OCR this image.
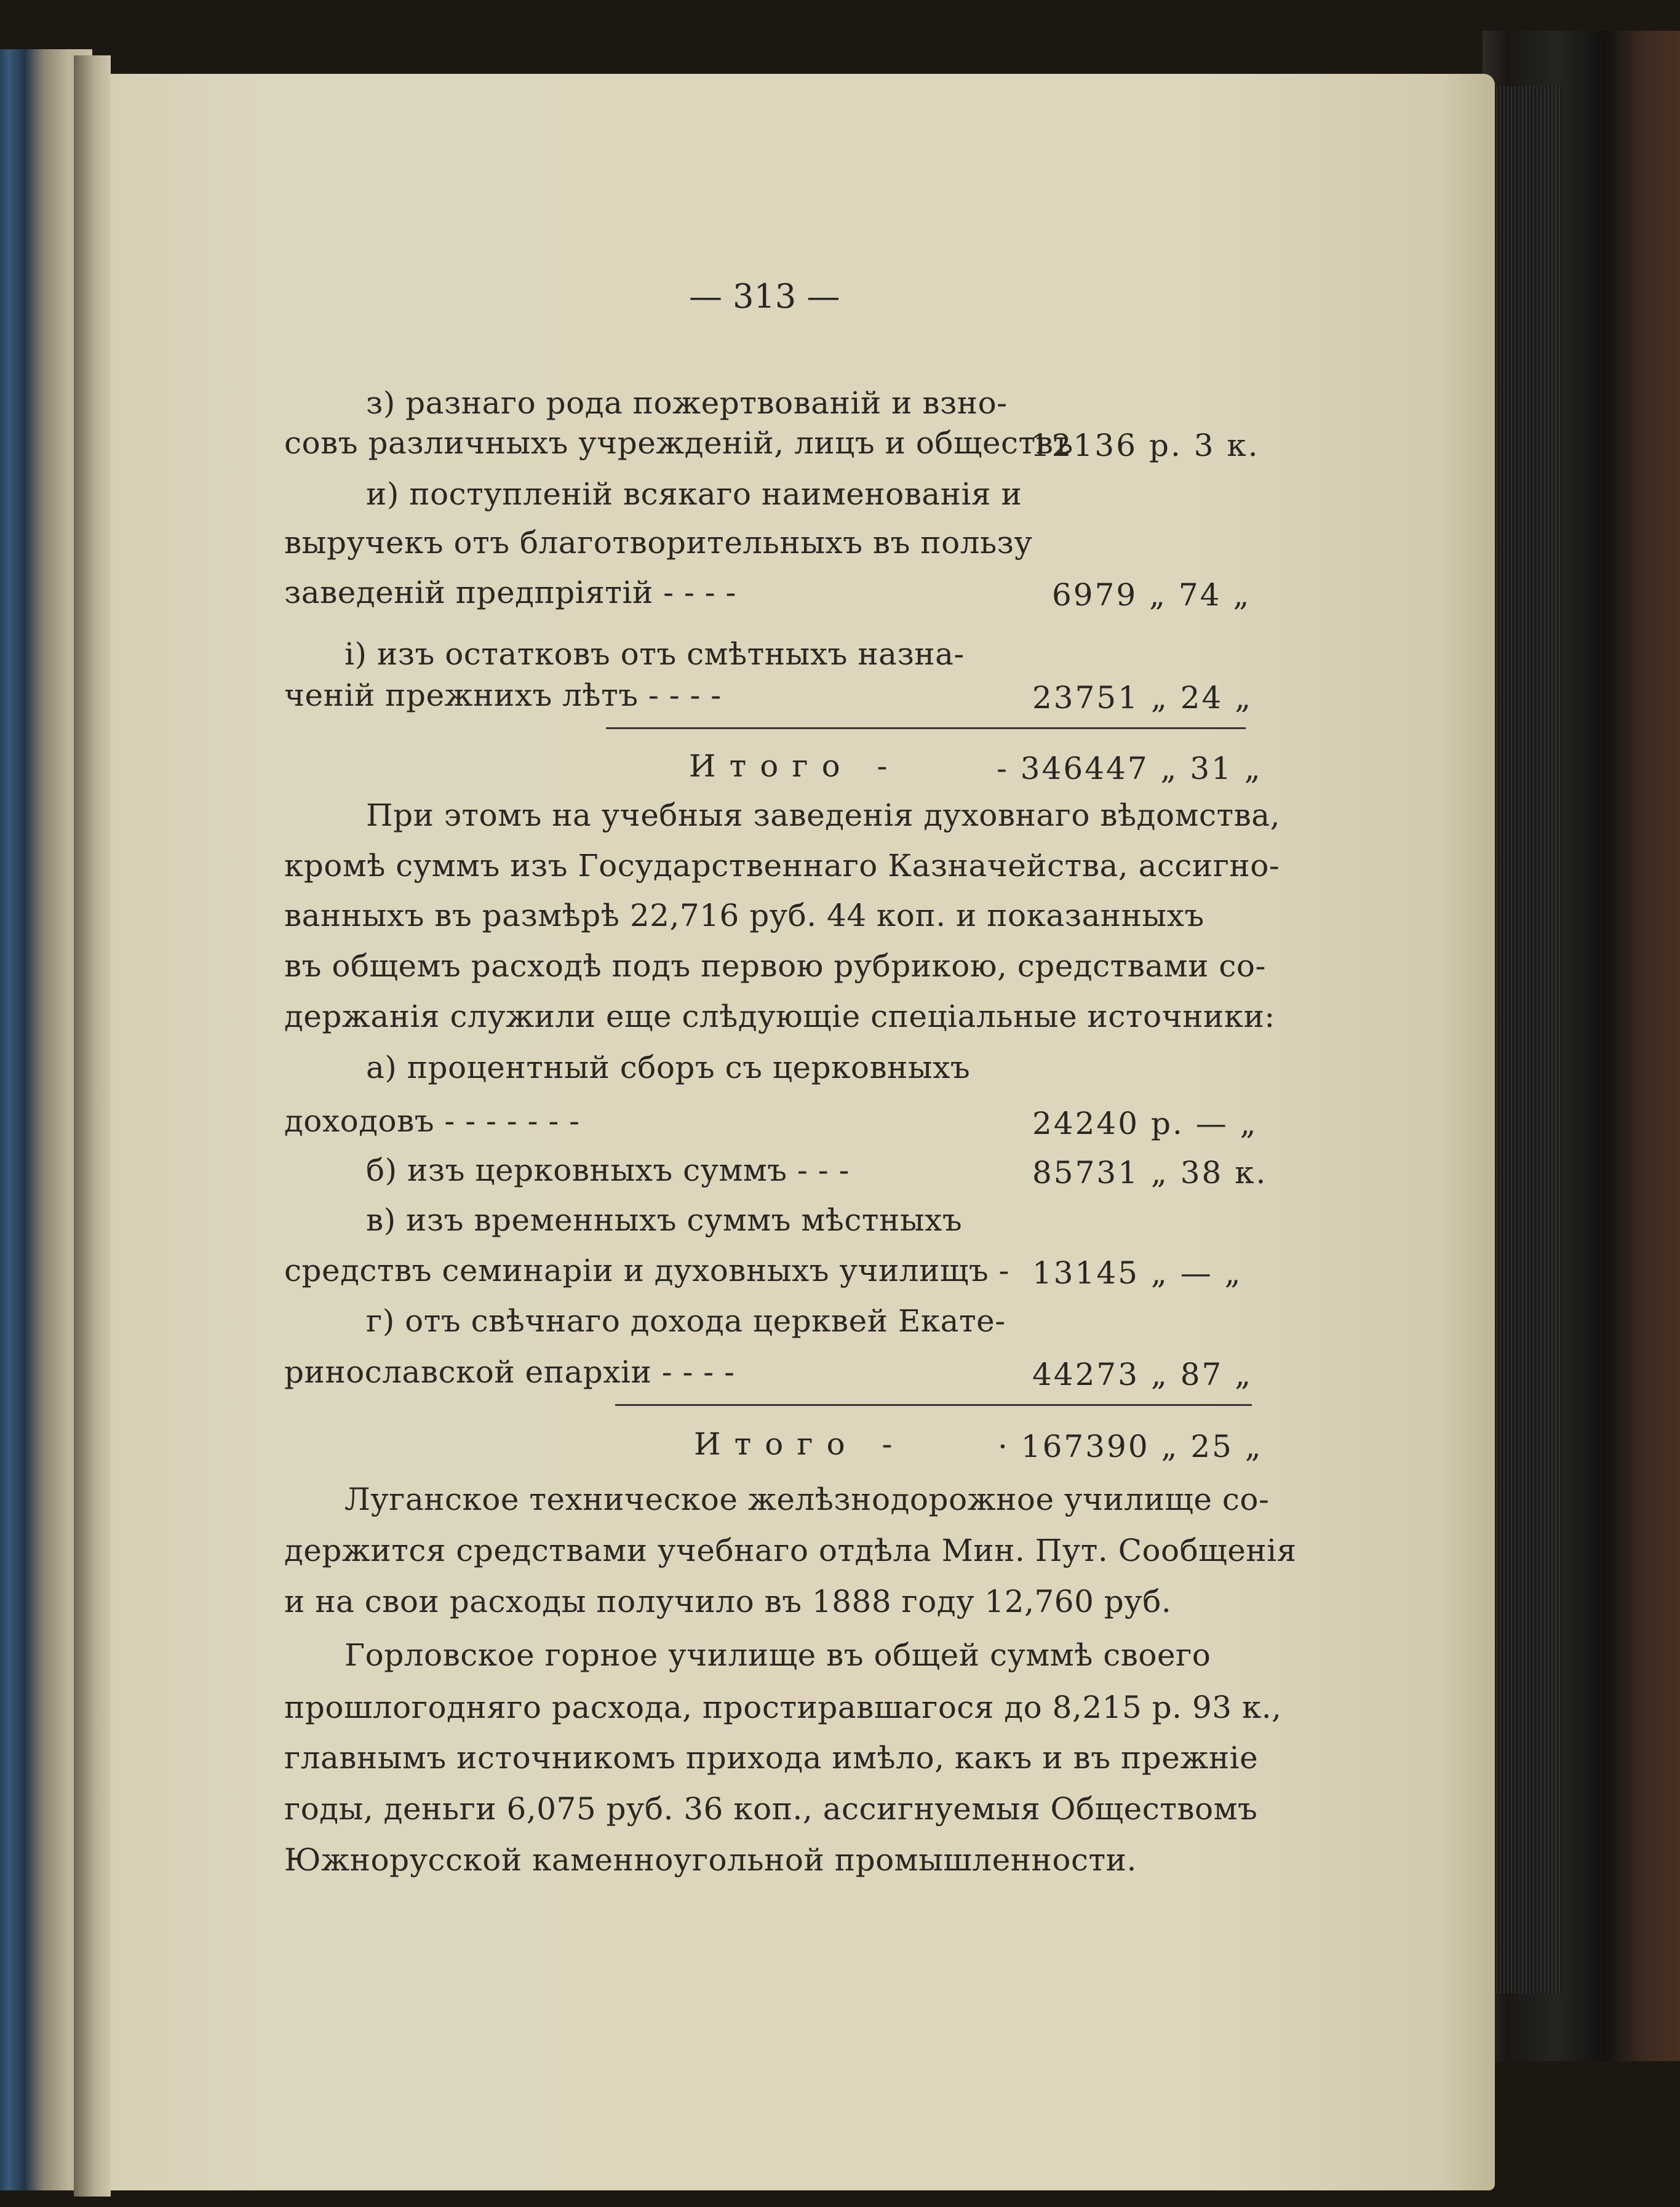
— 313 —
з) разнаго рода пожертвованій и взно-
совъ различныхъ учрежденій, лицъ и обществъ
12136 р. 3 к.
и) поступленій всякаго наименованія и
выручекъ отъ благотворительныхъ въ пользу
заведеній предпріятій - - - -	6979 „ 74 „
і) изъ остатковъ отъ смѣтныхъ назна-
ченій прежнихъ лѣтъ - - - -	23751 „ 24 „
Итого -	- 346447 „ 31 „
При этомъ на учебныя заведенія духовнаго вѣдомства,
кромѣ суммъ изъ Государственнаго Казначейства, ассигно-
ванныхъ въ размѣрѣ 22,716 руб. 44 коп. и показанныхъ
въ общемъ расходѣ подъ первою рубрикою, средствами со-
держанія служили еще слѣдующіе спеціальные источники:
а) процентный сборъ съ церковныхъ
доходовъ - - - - - - -	24240 р. — „
б) изъ церковныхъ суммъ - - -	85731 „ 38 к.
в) изъ временныхъ суммъ мѣстныхъ
средствъ семинаріи и духовныхъ училищъ - 13145 „ — „
г) отъ свѣчнаго дохода церквей Екате-
ринославской епархіи - - - -	44273 „ 87 „
Итого -	· 167390 „ 25 „
Луганское техническое желѣзнодорожное училище со-
держится средствами учебнаго отдѣла Мин. Пут. Сообщенія
и на свои расходы получило въ 1888 году 12,760 руб.
Горловское горное училище въ общей суммѣ своего
прошлогодняго расхода, простиравшагося до 8,215 р. 93 к.,
главнымъ источникомъ прихода имѣло, какъ и въ прежніе
годы, деньги 6,075 руб. 36 коп., ассигнуемыя Обществомъ
Южнорусской каменноугольной промышленности.
